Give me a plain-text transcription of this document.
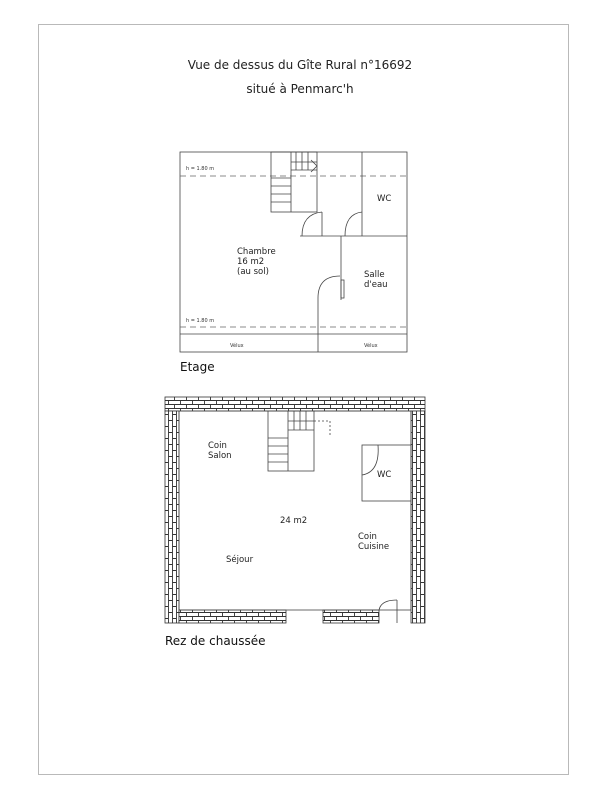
Vue de dessus du Gîte Rural n°16692
situé à Penmarc'h
h = 1.80 m
h = 1.80 m
WC
Chambre
16 m2
(au sol)	Salle
d'eau
Vélux	Vélux
Etage
Coin
Salon
WC
24 m2
Coin
Cuisine
Séjour
Rez de chaussée
